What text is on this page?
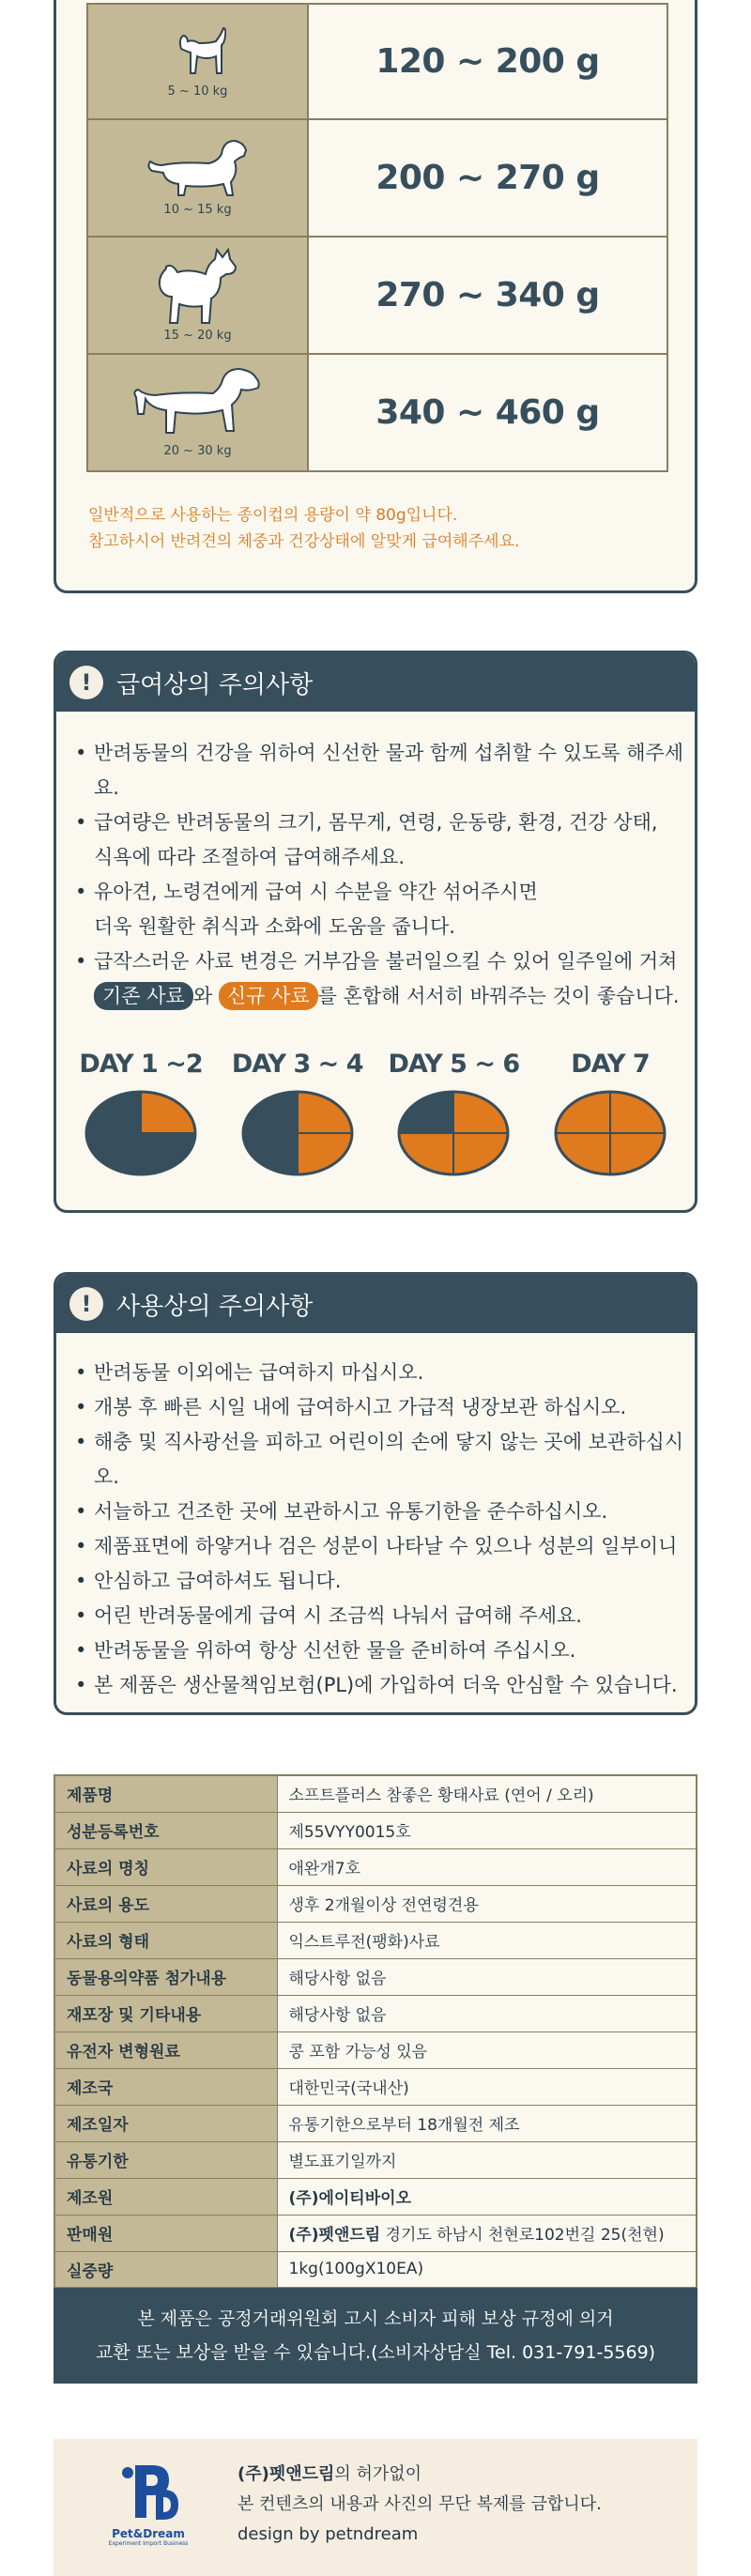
5 ~ 10 kg
120 ~ 200 g
10 ~ 15 kg
200 ~ 270 g
15 ~ 20 kg
270 ~ 340 g
20 ~ 30 kg
340 ~ 460 g
일반적으로 사용하는 종이컵의 용량이 약 80g입니다.
참고하시어 반려견의 체중과 건강상태에 알맞게 급여해주세요.
!	급여상의 주의사항
• 반려동물의 건강을 위하여 신선한 물과 함께 섭취할 수 있도록 해주세요.
• 급여량은 반려동물의 크기, 몸무게, 연령, 운동량, 환경, 건강 상태,
식욕에 따라 조절하여 급여해주세요.
• 유아견, 노령견에게 급여 시 수분을 약간 섞어주시면
더욱 원활한 취식과 소화에 도움을 줍니다.
• 급작스러운 사료 변경은 거부감을 불러일으킬 수 있어 일주일에 거쳐
기존 사료 와 신규 사료 를 혼합해 서서히 바꿔주는 것이 좋습니다.
DAY 1 ~2 DAY 3 ~ 4 DAY 5 ~ 6 DAY 7
!	사용상의 주의사항
• 반려동물 이외에는 급여하지 마십시오.
• 개봉 후 빠른 시일 내에 급여하시고 가급적 냉장보관 하십시오.
• 해충 및 직사광선을 피하고 어린이의 손에 닿지 않는 곳에 보관하십시오.
• 서늘하고 건조한 곳에 보관하시고 유통기한을 준수하십시오.
• 제품표면에 하얗거나 검은 성분이 나타날 수 있으나 성분의 일부이니
• 안심하고 급여하셔도 됩니다.
• 어린 반려동물에게 급여 시 조금씩 나눠서 급여해 주세요.
• 반려동물을 위하여 항상 신선한 물을 준비하여 주십시오.
• 본 제품은 생산물책임보험(PL)에 가입하여 더욱 안심할 수 있습니다.
제품명	소프트플러스 참좋은 황태사료 (연어 / 오리)
성분등록번호	제55VYY0015호
사료의 명칭	애완개7호
사료의 용도	생후 2개월이상 전연령견용
사료의 형태	익스트루전(팽화)사료
동물용의약품 첨가내용	해당사항 없음
재포장 및 기타내용	해당사항 없음
유전자 변형원료	콩 포함 가능성 있음
제조국	대한민국(국내산)
제조일자	유통기한으로부터 18개월전 제조
유통기한	별도표기일까지
제조원	(주)에이티바이오
판매원	(주)펫앤드림 경기도 하남시 천현로102번길 25(천현)
실중량	1kg(100gX10EA)
본 제품은 공정거래위원회 고시 소비자 피해 보상 규정에 의거
교환 또는 보상을 받을 수 있습니다.(소비자상담실 Tel. 031-791-5569)
Pet&Dream
Experiment Import Business
(주)펫앤드림의 허가없이
본 컨텐츠의 내용과 사진의 무단 복제를 금합니다.
design by petndream
